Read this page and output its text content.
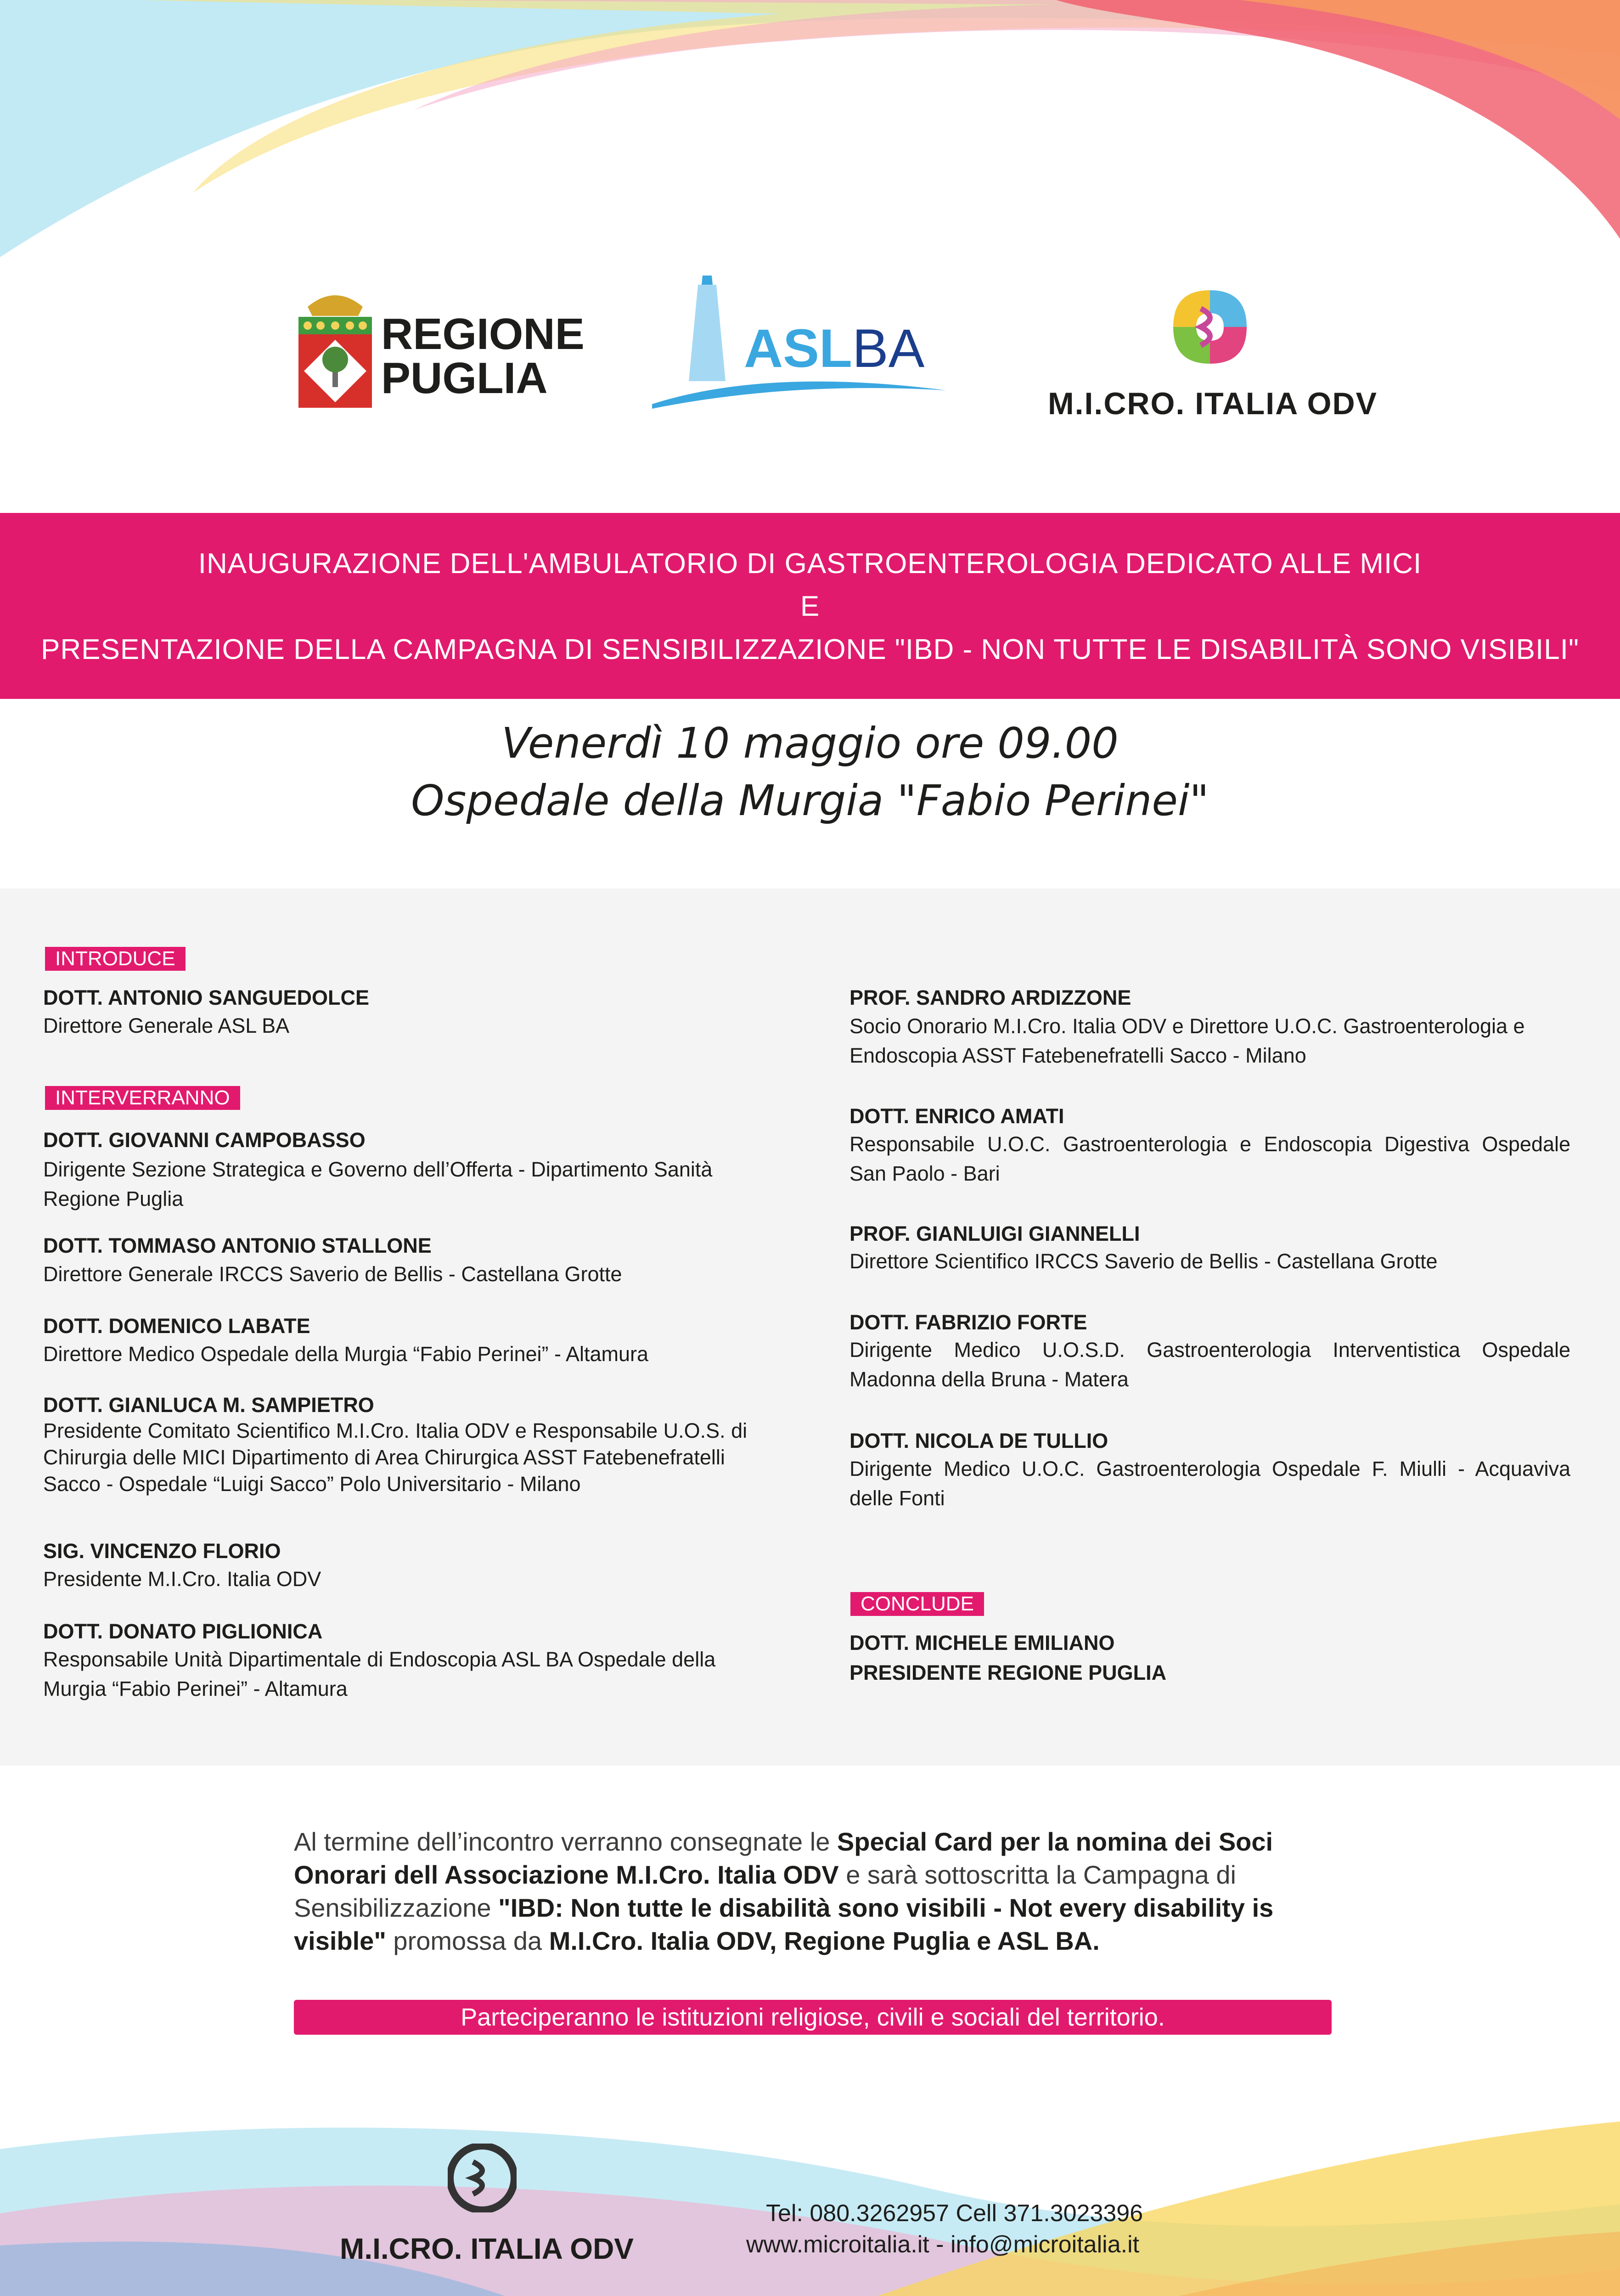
REGIONE
PUGLIA	ASLBA
M.I.CRO. ITALIA ODV
INAUGURAZIONE DELL'AMBULATORIO DI GASTROENTEROLOGIA DEDICATO ALLE MICI
E
PRESENTAZIONE DELLA CAMPAGNA DI SENSIBILIZZAZIONE "IBD - NON TUTTE LE DISABILITÀ SONO VISIBILI"
Venerdì 10 maggio ore 09.00
Ospedale della Murgia "Fabio Perinei"
INTRODUCE
DOTT. ANTONIO SANGUEDOLCE
Direttore Generale ASL BA
INTERVERRANNO
DOTT. GIOVANNI CAMPOBASSO
Dirigente Sezione Strategica e Governo dell’Offerta - Dipartimento Sanità Regione Puglia
DOTT. TOMMASO ANTONIO STALLONE
Direttore Generale IRCCS Saverio de Bellis - Castellana Grotte
DOTT. DOMENICO LABATE
Direttore Medico Ospedale della Murgia “Fabio Perinei” - Altamura
DOTT. GIANLUCA M. SAMPIETRO
Presidente Comitato Scientifico M.I.Cro. Italia ODV e Responsabile U.O.S. di Chirurgia delle MICI Dipartimento di Area Chirurgica ASST Fatebenefratelli Sacco - Ospedale “Luigi Sacco” Polo Universitario - Milano
SIG. VINCENZO FLORIO
Presidente M.I.Cro. Italia ODV
DOTT. DONATO PIGLIONICA
Responsabile Unità Dipartimentale di Endoscopia ASL BA Ospedale della Murgia “Fabio Perinei” - Altamura
PROF. SANDRO ARDIZZONE
Socio Onorario M.I.Cro. Italia ODV e Direttore U.O.C. Gastroenterologia e Endoscopia ASST Fatebenefratelli Sacco - Milano
DOTT. ENRICO AMATI
Responsabile U.O.C. Gastroenterologia e Endoscopia Digestiva Ospedale San Paolo - Bari
PROF. GIANLUIGI GIANNELLI
Direttore Scientifico IRCCS Saverio de Bellis - Castellana Grotte
DOTT. FABRIZIO FORTE
Dirigente Medico U.O.S.D. Gastroenterologia Interventistica Ospedale Madonna della Bruna - Matera
DOTT. NICOLA DE TULLIO
Dirigente Medico U.O.C. Gastroenterologia Ospedale F. Miulli - Acquaviva delle Fonti
CONCLUDE
DOTT. MICHELE EMILIANO
PRESIDENTE REGIONE PUGLIA
Al termine dell’incontro verranno consegnate le Special Card per la nomina dei Soci Onorari dell Associazione M.I.Cro. Italia ODV e sarà sottoscritta la Campagna di Sensibilizzazione "IBD: Non tutte le disabilità sono visibili - Not every disability is visible" promossa da M.I.Cro. Italia ODV, Regione Puglia e ASL BA.
Parteciperanno le istituzioni religiose, civili e sociali del territorio.
M.I.CRO. ITALIA ODV
Tel: 080.3262957 Cell 371.3023396
www.microitalia.it - info@microitalia.it
